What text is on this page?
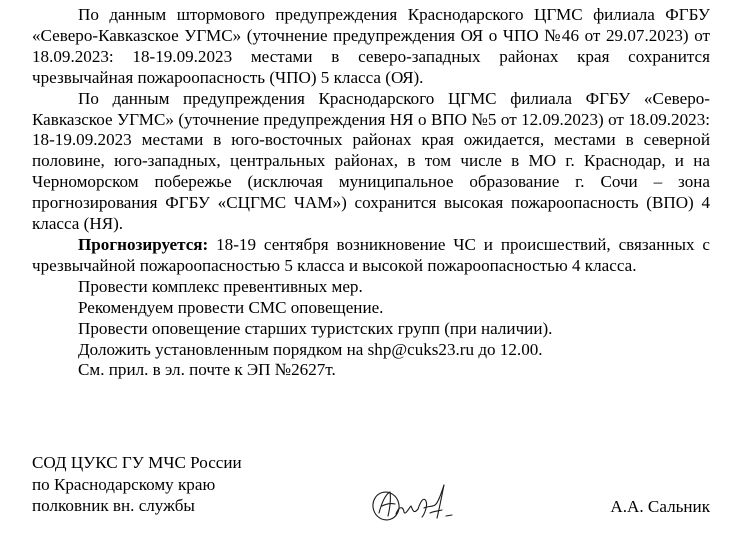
По данным штормового предупреждения Краснодарского ЦГМС филиала ФГБУ «Северо-Кавказское УГМС» (уточнение предупреждения ОЯ о ЧПО №46 от 29.07.2023) от 18.09.2023: 18-19.09.2023 местами в северо-западных районах края сохранится чрезвычайная пожароопасность (ЧПО) 5 класса (ОЯ).

По данным предупреждения Краснодарского ЦГМС филиала ФГБУ «Северо-Кавказское УГМС» (уточнение предупреждения НЯ о ВПО №5 от 12.09.2023) от 18.09.2023: 18-19.09.2023 местами в юго-восточных районах края ожидается, местами в северной половине, юго-западных, центральных районах, в том числе в МО г. Краснодар, и на Черноморском побережье (исключая муниципальное образование г. Сочи – зона прогнозирования ФГБУ «СЦГМС ЧАМ») сохранится высокая пожароопасность (ВПО) 4 класса (НЯ).

Прогнозируется: 18-19 сентября возникновение ЧС и происшествий, связанных с чрезвычайной пожароопасностью 5 класса и высокой пожароопасностью 4 класса.

Провести комплекс превентивных мер.

Рекомендуем провести СМС оповещение.

Провести оповещение старших туристских групп (при наличии).

Доложить установленным порядком на shp@cuks23.ru до 12.00.

См. прил. в эл. почте к ЭП №2627т.

СОД ЦУКС ГУ МЧС России
по Краснодарскому краю
полковник вн. службы	А.А. Сальник
